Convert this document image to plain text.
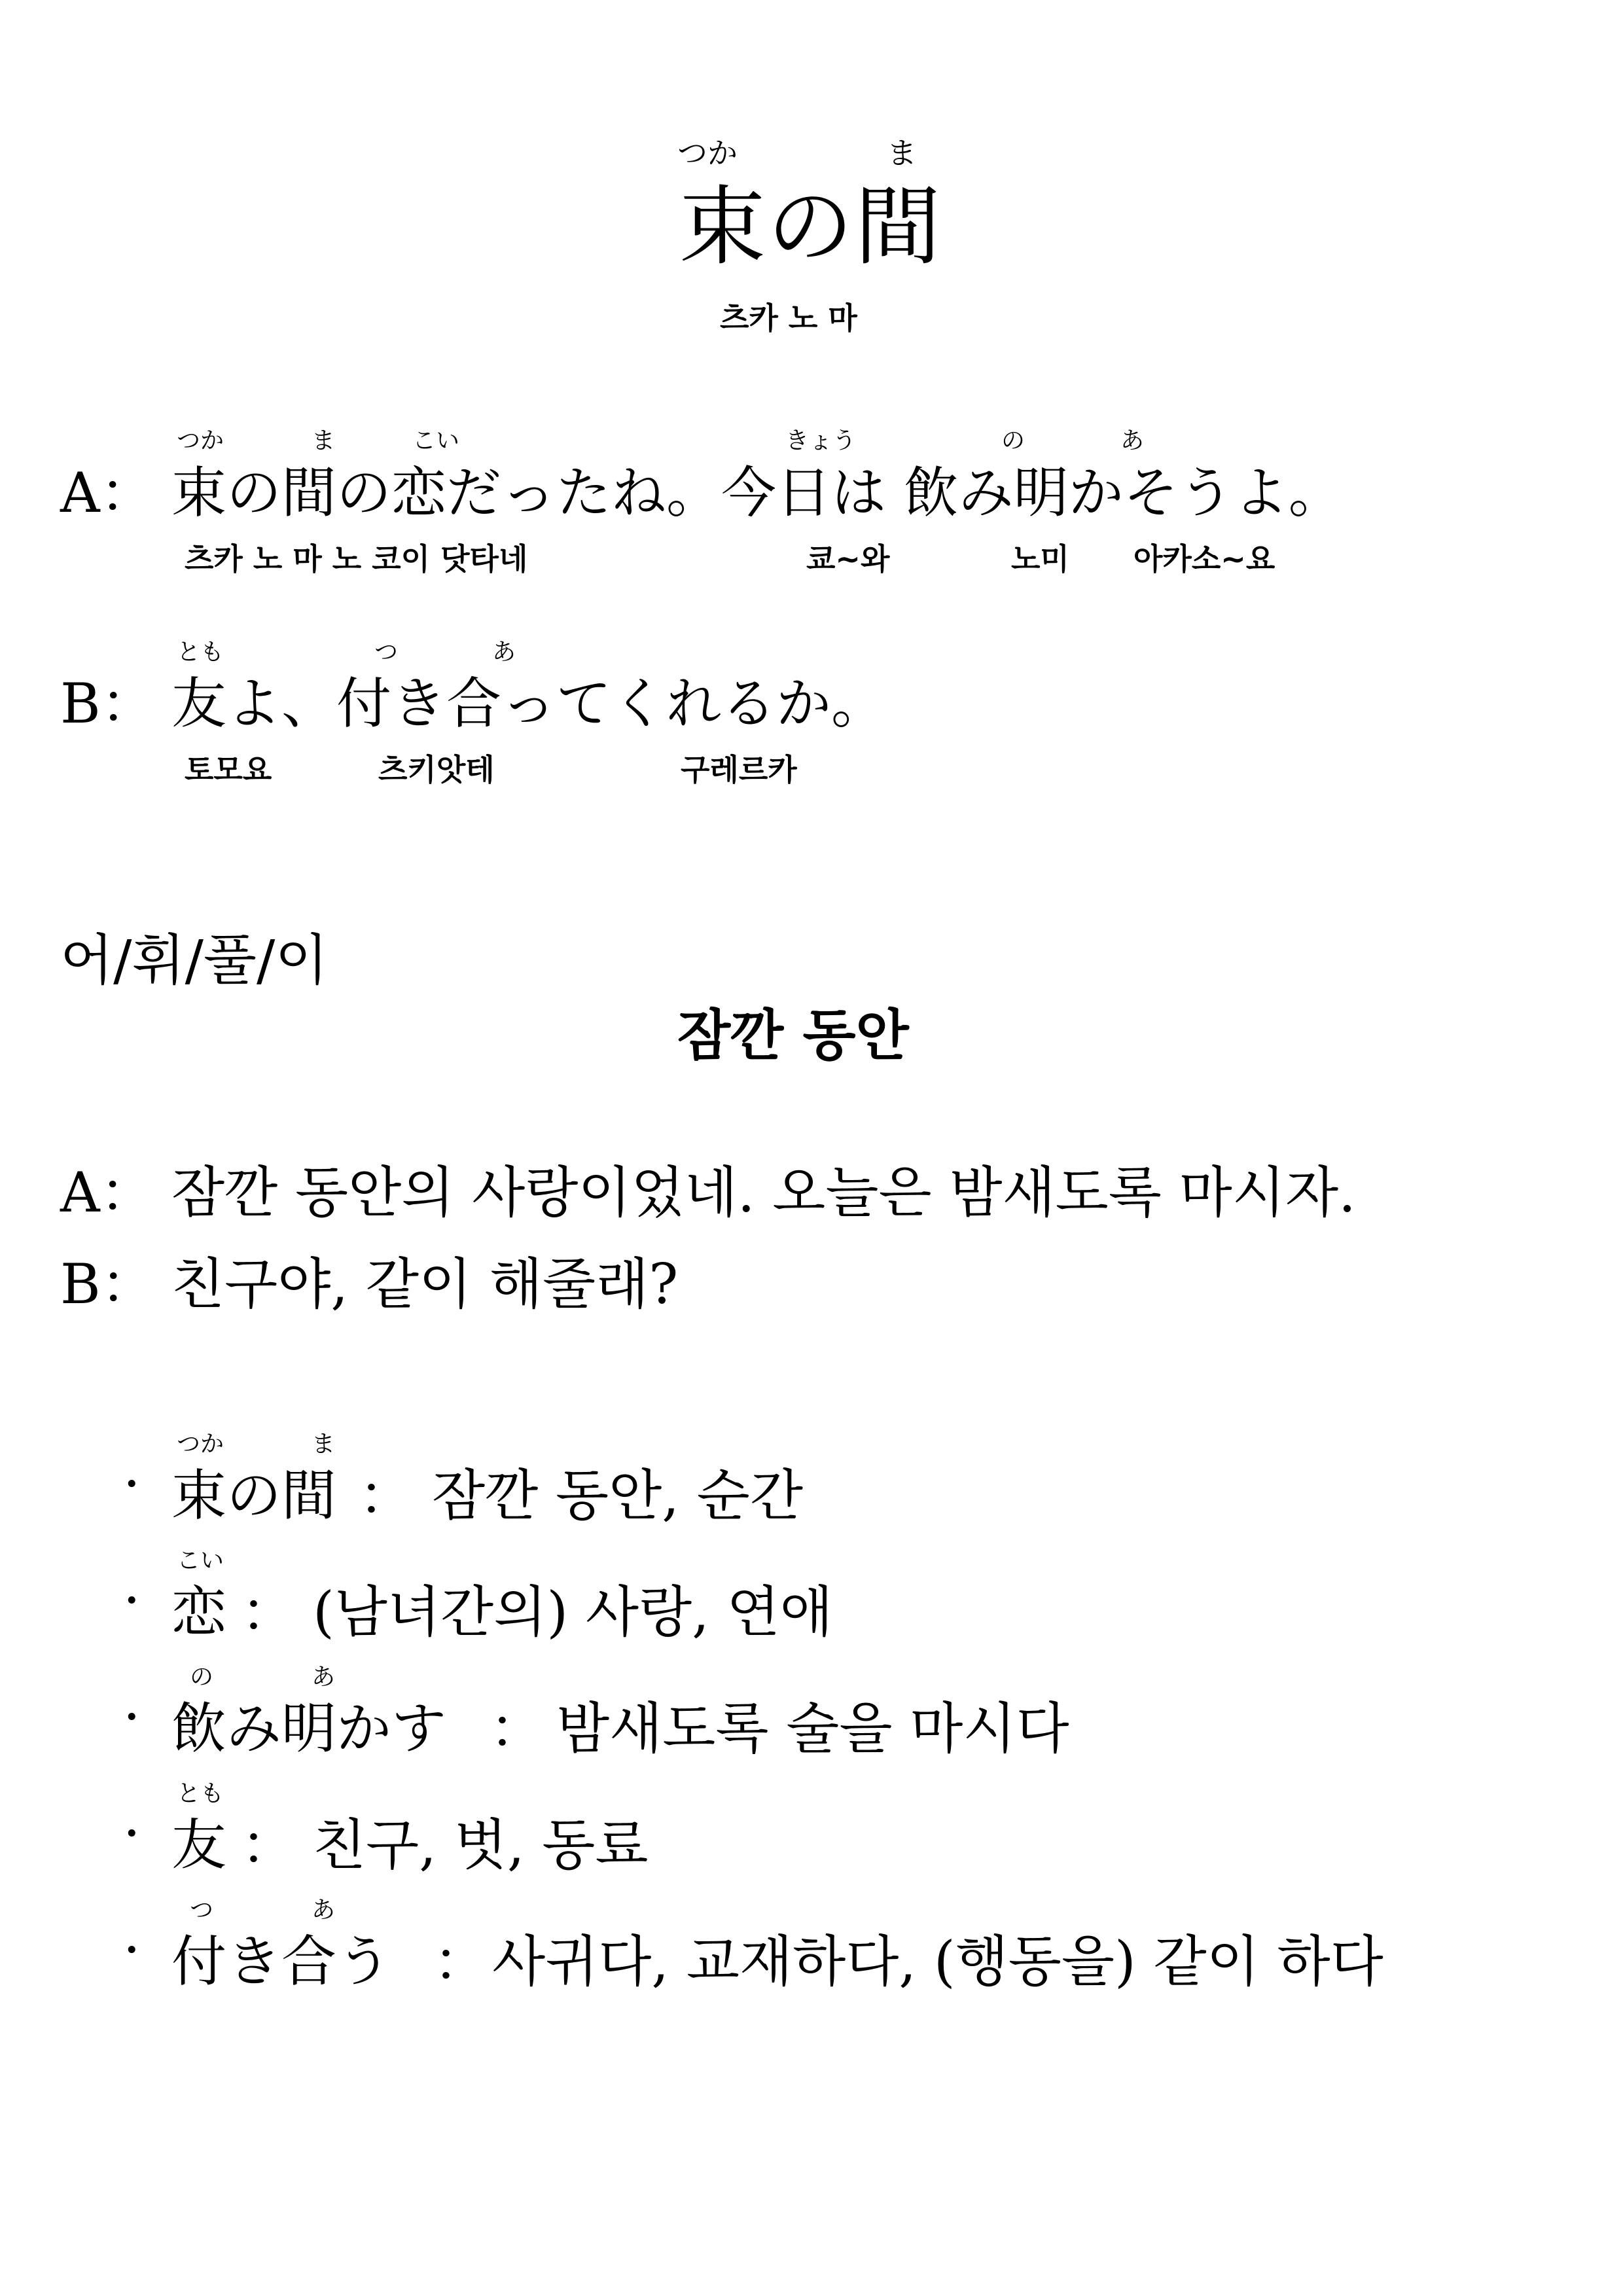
つか	ま
束の間
츠카 노 마
つか	ま	こい	きょう	の	あ
A： 束の間の恋だったね。今日は 飲み明かそうよ。
츠카 노 마 노 코이 닷타네	쿄~와	노미 아카소~요
とも	つ	あ
B： 友よ、付き合ってくれるか。
토모요	츠키앗테	구레르카
어/휘/풀/이
잠깐 동안
A： 잠깐 동안의 사랑이었네. 오늘은 밤새도록 마시자.
B： 친구야, 같이 해줄래?
つか	ま
· 束の間 ： 잠깐 동안, 순간
こい
· 恋 ： (남녀간의) 사랑, 연애
の	あ
· 飲み明かす ： 밤새도록 술을 마시다
とも
· 友 ： 친구, 벗, 동료
つ	あ
· 付き合う ： 사귀다, 교재하다, (행동을) 같이 하다
